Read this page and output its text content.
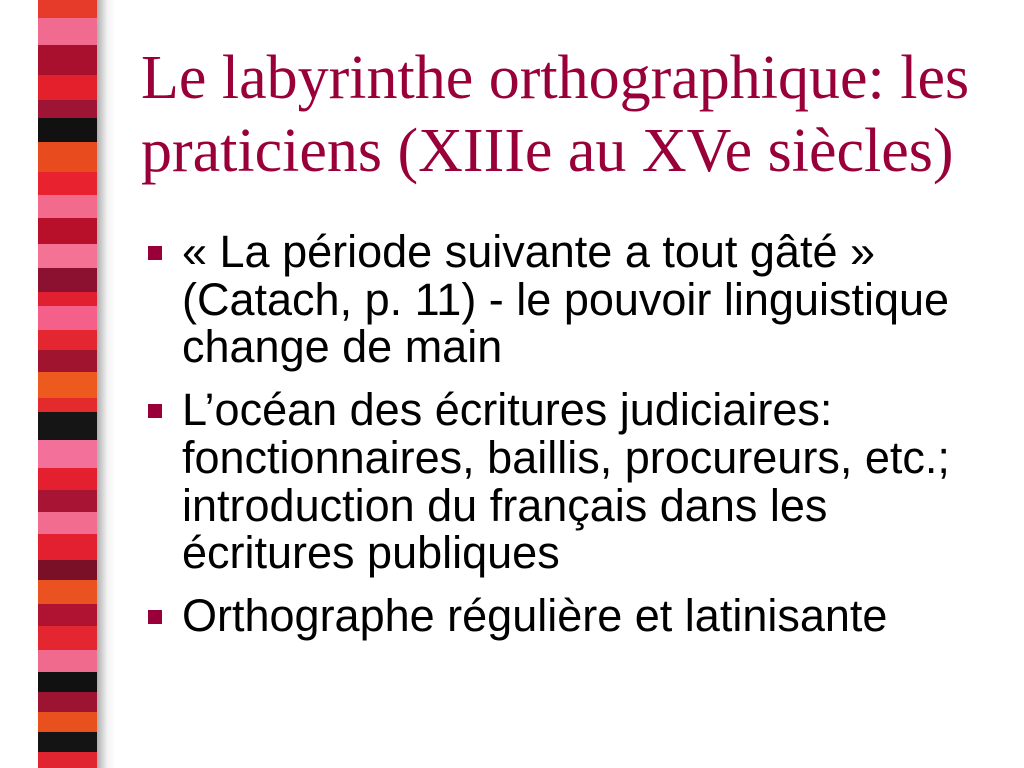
Le labyrinthe orthographique: les praticiens (XIIIe au XVe siècles)
« La période suivante a tout gâté » (Catach, p. 11) - le pouvoir linguistique change de main
L’océan des écritures judiciaires: fonctionnaires, baillis, procureurs, etc.; introduction du français dans les écritures publiques
Orthographe régulière et latinisante
